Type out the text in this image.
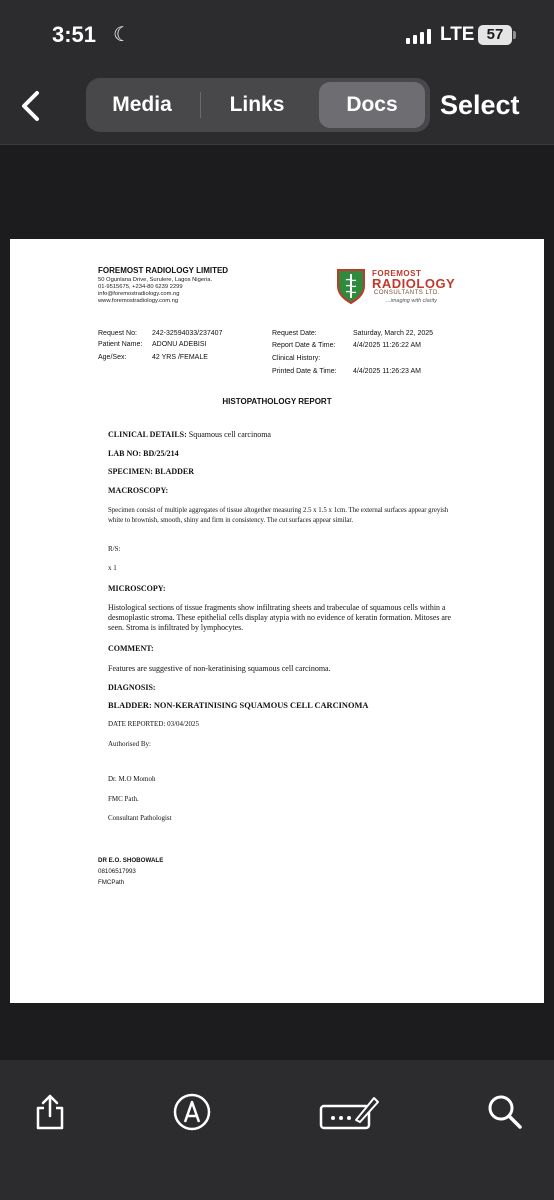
3:51 ☾	LTE 57
Media	Links	Docs	Select
FOREMOST RADIOLOGY LIMITED
50 Ogunlana Drive, Surulere, Lagos Nigeria.
01-9515675, +234-80 6239 2299
info@foremostradiology.com.ng
www.foremostradiology.com.ng
FOREMOST
RADIOLOGY
CONSULTANTS LTD.
...imaging with clarity
Request No: 242-32594033/237407
Patient Name: ADONU ADEBISI
Age/Sex:	42 YRS /FEMALE
Request Date:	Saturday, March 22, 2025
Report Date & Time:	4/4/2025 11:26:22 AM
Clinical History:
Printed Date & Time: 4/4/2025 11:26:23 AM
HISTOPATHOLOGY REPORT
CLINICAL DETAILS: Squamous cell carcinoma
LAB NO: BD/25/214
SPECIMEN: BLADDER
MACROSCOPY:
Specimen consist of multiple aggregates of tissue altogether measuring 2.5 x 1.5 x 1cm. The external surfaces appear greyish white to brownish, smooth, shiny and firm in consistency. The cut surfaces appear similar.
R/S:
x 1
MICROSCOPY:
Histological sections of tissue fragments show infiltrating sheets and trabeculae of squamous cells within a desmoplastic stroma. These epithelial cells display atypia with no evidence of keratin formation. Mitoses are seen. Stroma is infiltrated by lymphocytes.
COMMENT:
Features are suggestive of non-keratinising squamous cell carcinoma.
DIAGNOSIS:
BLADDER: NON-KERATINISING SQUAMOUS CELL CARCINOMA
DATE REPORTED: 03/04/2025
Authorised By:
Dr. M.O Momoh
FMC Path.
Consultant Pathologist
DR E.O. SHOBOWALE
08106517993
FMCPath
